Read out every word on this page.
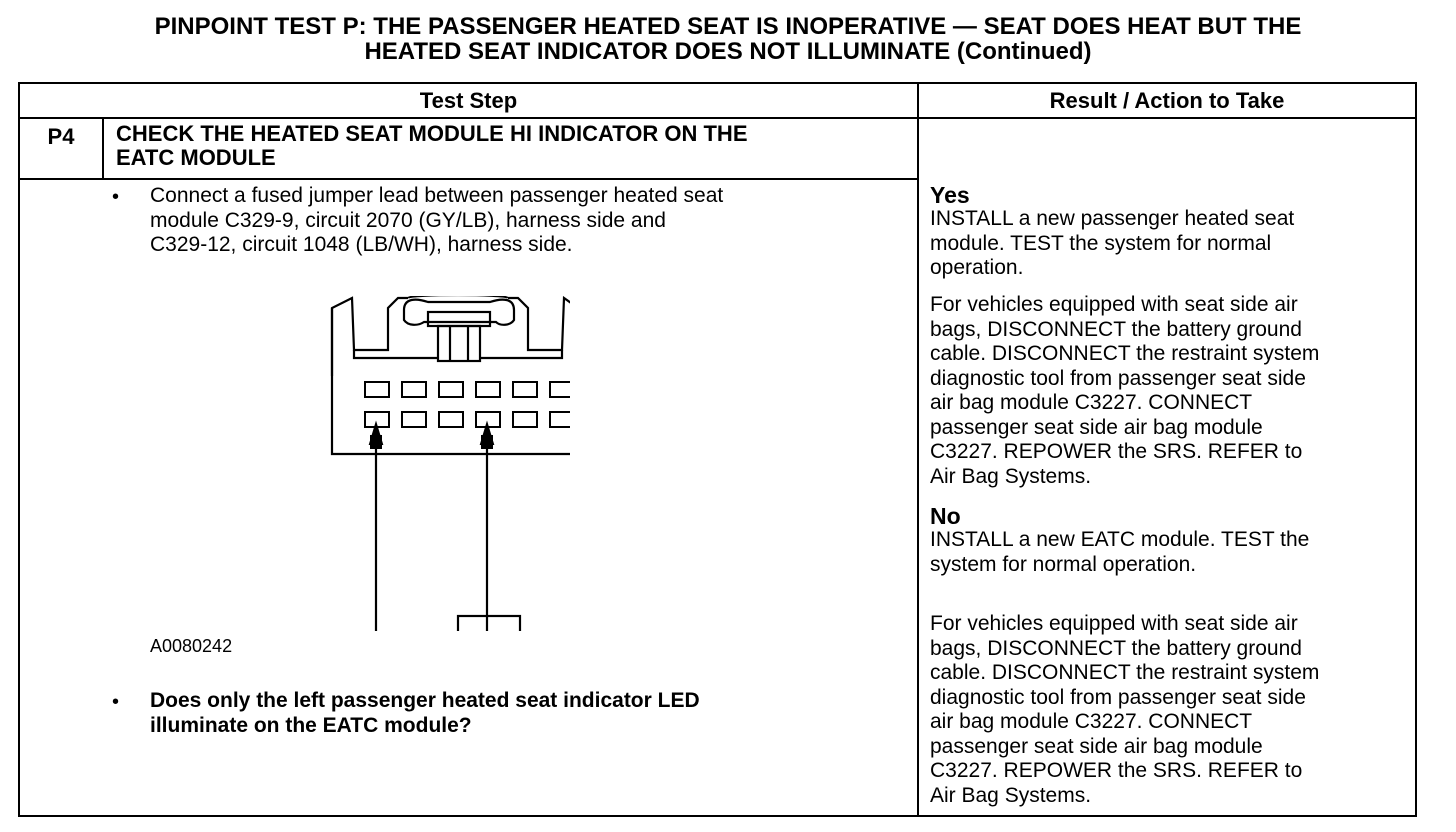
PINPOINT TEST P: THE PASSENGER HEATED SEAT IS INOPERATIVE — SEAT DOES HEAT BUT THE
HEATED SEAT INDICATOR DOES NOT ILLUMINATE (Continued)
Test Step	Result / Action to Take
P4	CHECK THE HEATED SEAT MODULE HI INDICATOR ON THE
EATC MODULE
• Connect a fused jumper lead between passenger heated seat
module C329-9, circuit 2070 (GY/LB), harness side and
C329-12, circuit 1048 (LB/WH), harness side.
A0080242
• Does only the left passenger heated seat indicator LED
illuminate on the EATC module?
Yes
INSTALL a new passenger heated seat
module. TEST the system for normal
operation.
For vehicles equipped with seat side air
bags, DISCONNECT the battery ground
cable. DISCONNECT the restraint system
diagnostic tool from passenger seat side
air bag module C3227. CONNECT
passenger seat side air bag module
C3227. REPOWER the SRS. REFER to
Air Bag Systems.
No
INSTALL a new EATC module. TEST the
system for normal operation.
For vehicles equipped with seat side air
bags, DISCONNECT the battery ground
cable. DISCONNECT the restraint system
diagnostic tool from passenger seat side
air bag module C3227. CONNECT
passenger seat side air bag module
C3227. REPOWER the SRS. REFER to
Air Bag Systems.
